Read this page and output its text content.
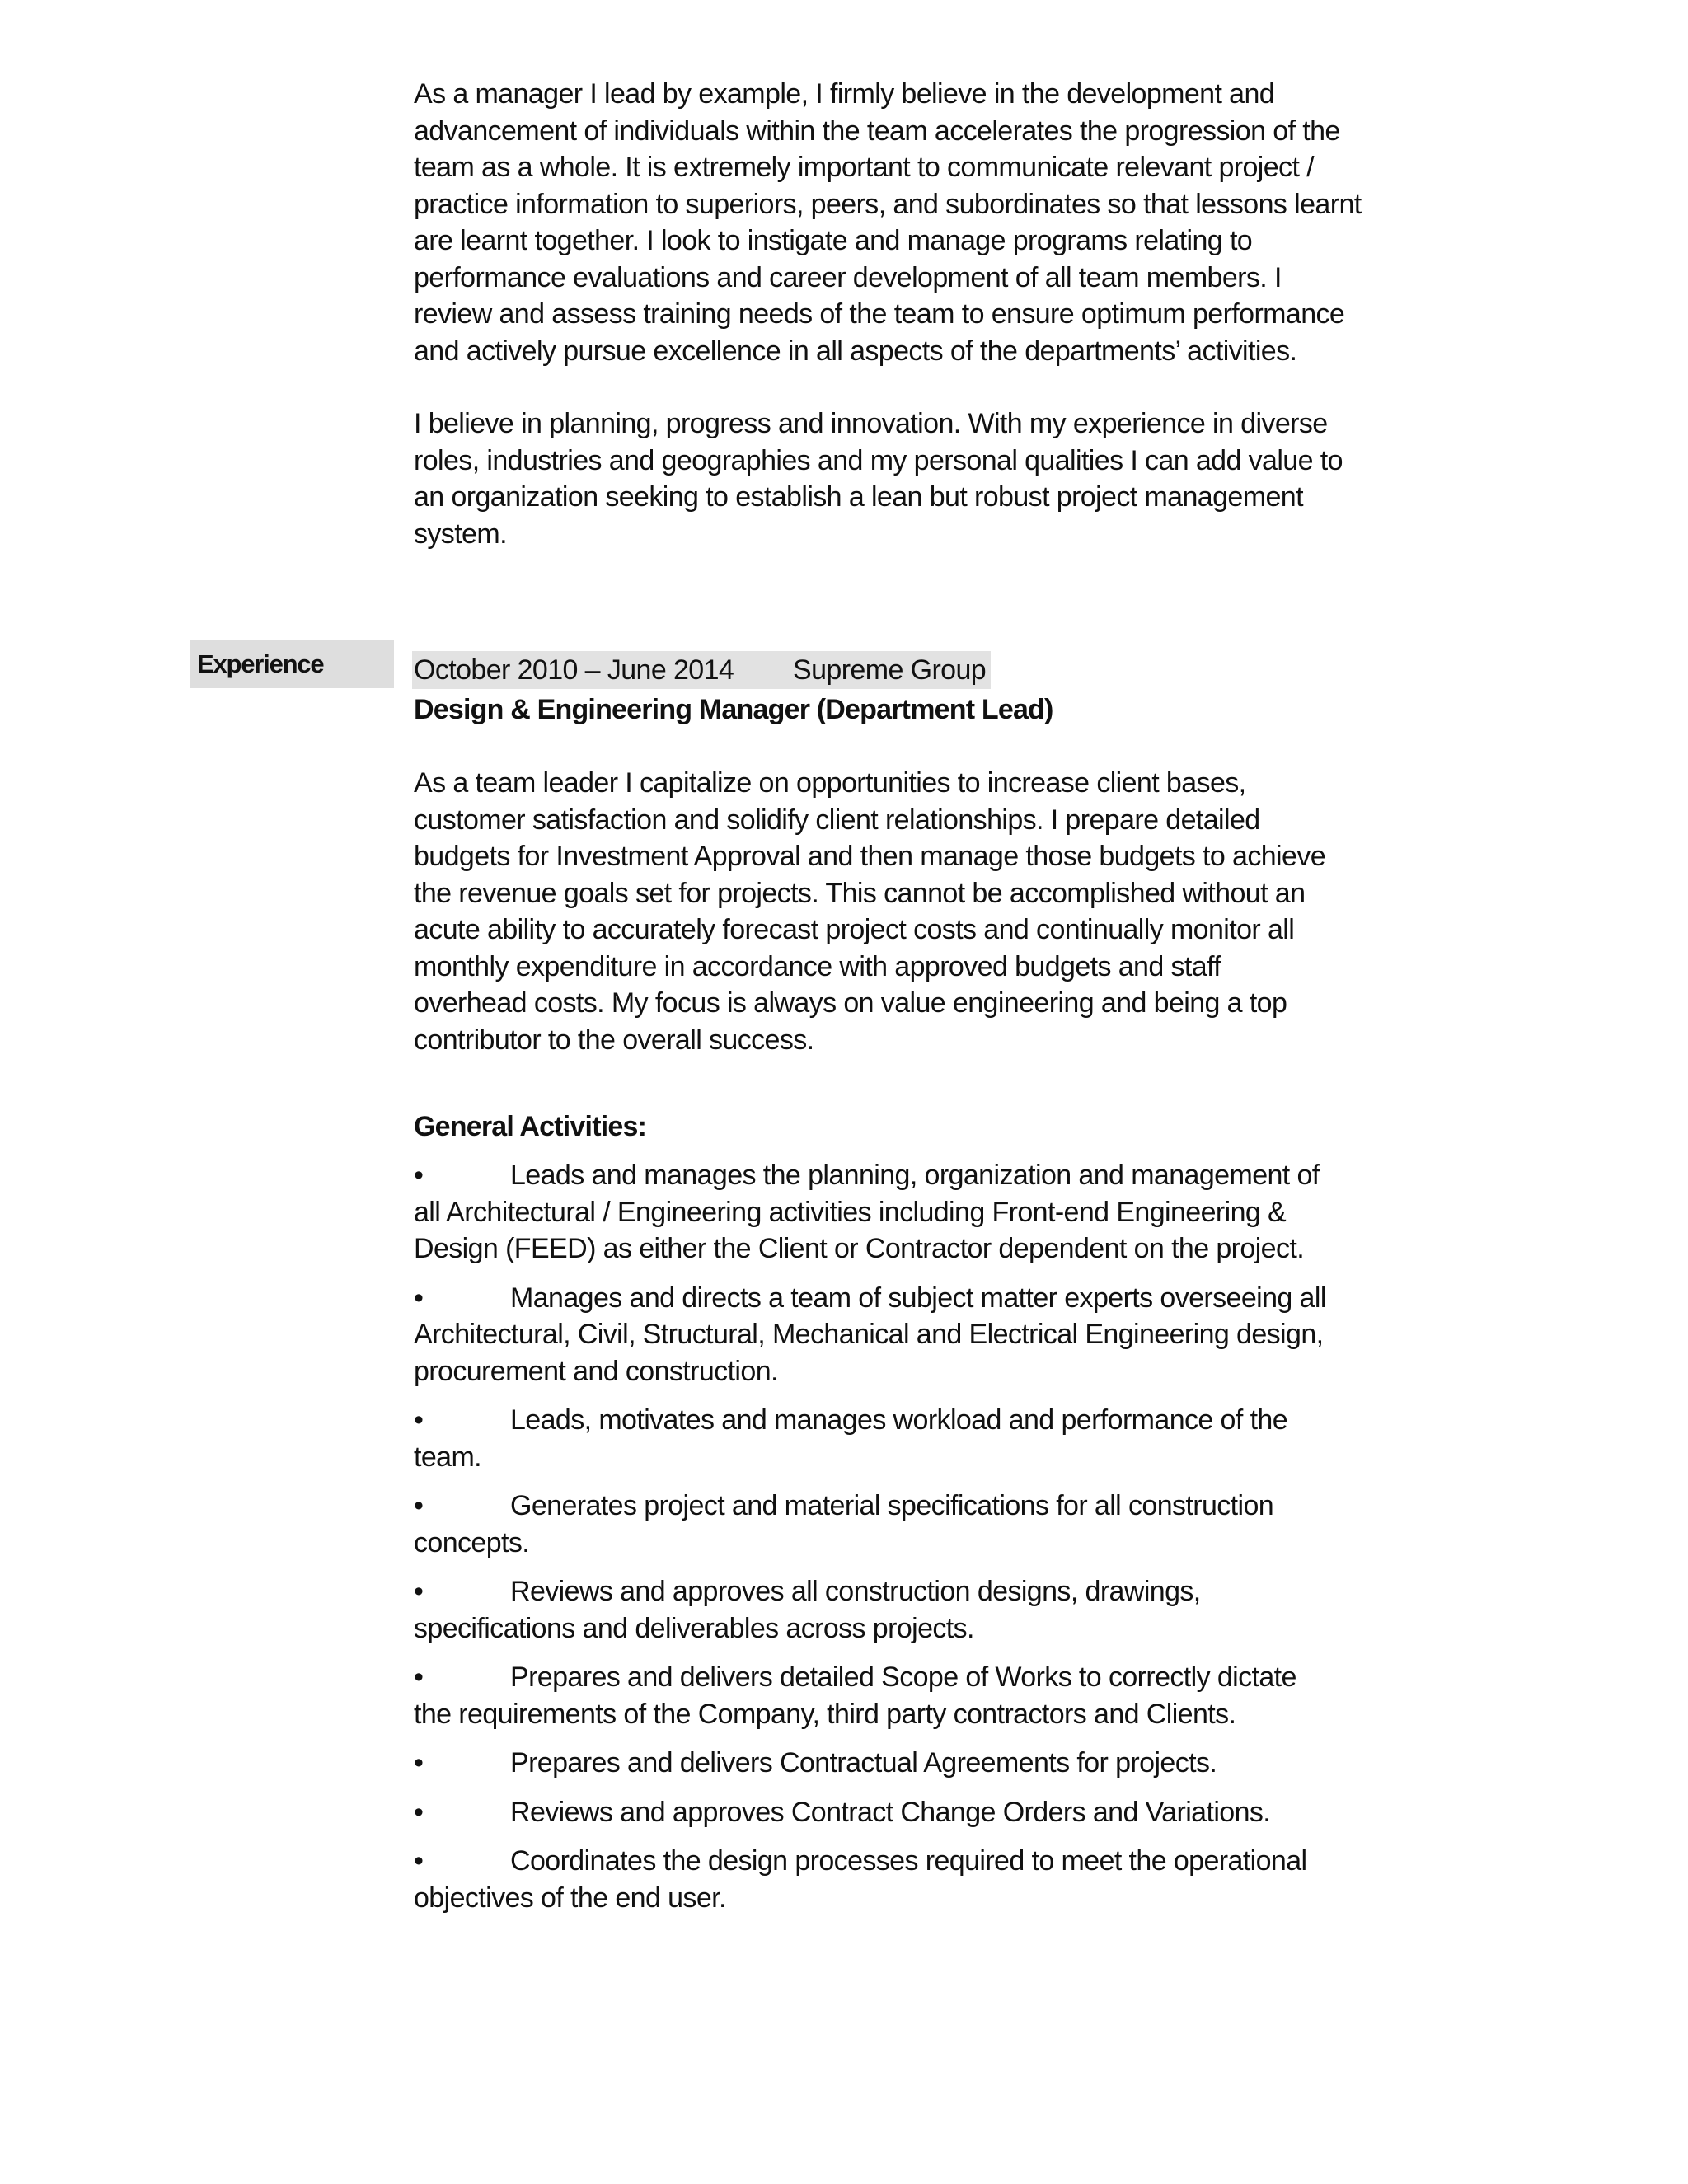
As a manager I lead by example, I firmly believe in the development and
advancement of individuals within the team accelerates the progression of the
team as a whole. It is extremely important to communicate relevant project /
practice information to superiors, peers, and subordinates so that lessons learnt
are learnt together. I look to instigate and manage programs relating to
performance evaluations and career development of all team members. I
review and assess training needs of the team to ensure optimum performance
and actively pursue excellence in all aspects of the departments’ activities.

I believe in planning, progress and innovation. With my experience in diverse
roles, industries and geographies and my personal qualities I can add value to
an organization seeking to establish a lean but robust project management
system.

Experience	October 2010 – June 2014 Supreme Group
Design & Engineering Manager (Department Lead)

As a team leader I capitalize on opportunities to increase client bases,
customer satisfaction and solidify client relationships. I prepare detailed
budgets for Investment Approval and then manage those budgets to achieve
the revenue goals set for projects. This cannot be accomplished without an
acute ability to accurately forecast project costs and continually monitor all
monthly expenditure in accordance with approved budgets and staff
overhead costs. My focus is always on value engineering and being a top
contributor to the overall success.

General Activities:
•	Leads and manages the planning, organization and management of
all Architectural / Engineering activities including Front-end Engineering &
Design (FEED) as either the Client or Contractor dependent on the project.
•	Manages and directs a team of subject matter experts overseeing all
Architectural, Civil, Structural, Mechanical and Electrical Engineering design,
procurement and construction.
•	Leads, motivates and manages workload and performance of the
team.
•	Generates project and material specifications for all construction
concepts.
•	Reviews and approves all construction designs, drawings,
specifications and deliverables across projects.
•	Prepares and delivers detailed Scope of Works to correctly dictate
the requirements of the Company, third party contractors and Clients.
•	Prepares and delivers Contractual Agreements for projects.
•	Reviews and approves Contract Change Orders and Variations.
•	Coordinates the design processes required to meet the operational
objectives of the end user.
